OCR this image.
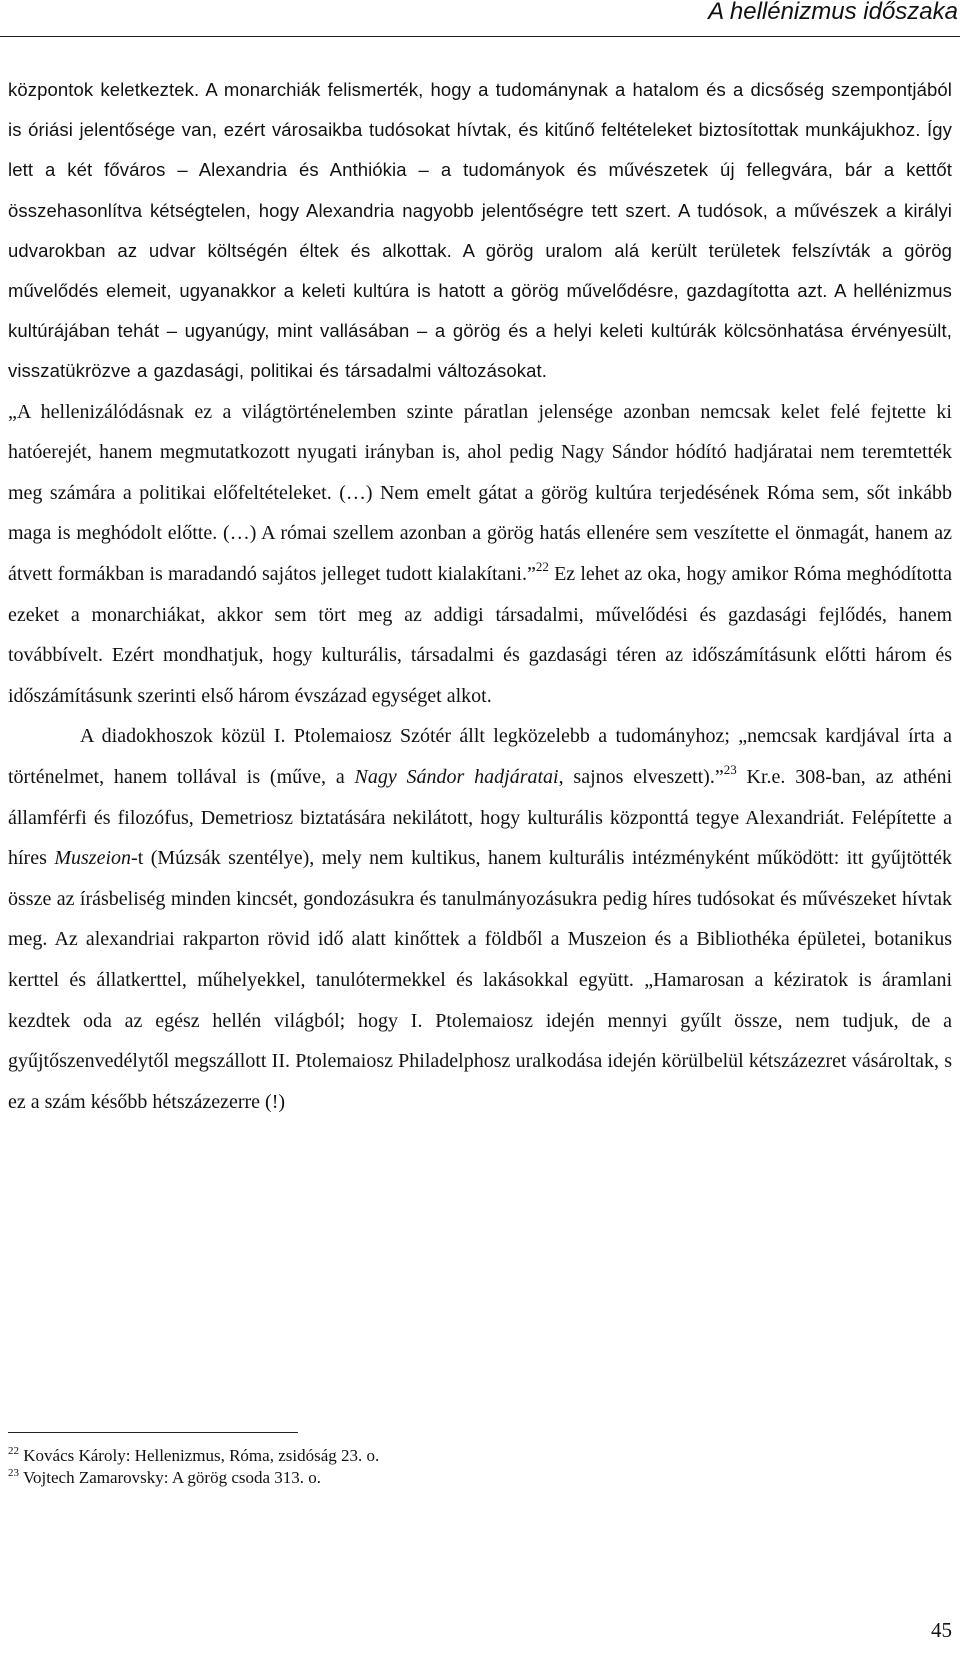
A hellénizmus időszaka

központok keletkeztek. A monarchiák felismerték, hogy a tudománynak a hatalom és a dicsőség szempontjából is óriási jelentősége van, ezért városaikba tudósokat hívtak, és kitűnő feltételeket biztosítottak munkájukhoz. Így lett a két főváros – Alexandria és Anthiókia – a tudományok és művészetek új fellegvára, bár a kettőt összehasonlítva kétségtelen, hogy Alexandria nagyobb jelentőségre tett szert. A tudósok, a művészek a királyi udvarokban az udvar költségén éltek és alkottak. A görög uralom alá került területek felszívták a görög művelődés elemeit, ugyanakkor a keleti kultúra is hatott a görög művelődésre, gazdagította azt. A hellénizmus kultúrájában tehát – ugyanúgy, mint vallásában – a görög és a helyi keleti kultúrák kölcsönhatása érvényesült, visszatükrözve a gazdasági, politikai és társadalmi változásokat.

„A hellenizálódásnak ez a világtörténelemben szinte páratlan jelensége azonban nemcsak kelet felé fejtette ki hatóerejét, hanem megmutatkozott nyugati irányban is, ahol pedig Nagy Sándor hódító hadjáratai nem teremtették meg számára a politikai előfeltételeket. (…) Nem emelt gátat a görög kultúra terjedésének Róma sem, sőt inkább maga is meghódolt előtte. (…) A római szellem azonban a görög hatás ellenére sem veszítette el önmagát, hanem az átvett formákban is maradandó sajátos jelleget tudott kialakítani.”$^{22}$ Ez lehet az oka, hogy amikor Róma meghódította ezeket a monarchiákat, akkor sem tört meg az addigi társadalmi, művelődési és gazdasági fejlődés, hanem továbbívelt. Ezért mondhatjuk, hogy kulturális, társadalmi és gazdasági téren az időszámításunk előtti három és időszámításunk szerinti első három évszázad egységet alkot.

A diadokhoszok közül I. Ptolemaiosz Szótér állt legközelebb a tudományhoz; „nemcsak kardjával írta a történelmet, hanem tollával is (műve, a Nagy Sándor hadjáratai, sajnos elveszett).”$^{23}$ Kr.e. 308-ban, az athéni államférfi és filozófus, Demetriosz biztatására nekilátott, hogy kulturális központtá tegye Alexandriát. Felépítette a híres Muszeion-t (Múzsák szentélye), mely nem kultikus, hanem kulturális intézményként működött: itt gyűjtötték össze az írásbeliség minden kincsét, gondozásukra és tanulmányozásukra pedig híres tudósokat és művészeket hívtak meg. Az alexandriai rakparton rövid idő alatt kinőttek a földből a Muszeion és a Bibliothéka épületei, botanikus kerttel és állatkerttel, műhelyekkel, tanulótermekkel és lakásokkal együtt. „Hamarosan a kéziratok is áramlani kezdtek oda az egész hellén világból; hogy I. Ptolemaiosz idején mennyi gyűlt össze, nem tudjuk, de a gyűjtőszenvedélytől megszállott II. Ptolemaiosz Philadelphosz uralkodása idején körülbelül kétszázezret vásároltak, s ez a szám később hétszázezerre (!)

$^{22}$ Kovács Károly: Hellenizmus, Róma, zsidóság 23. o.
$^{23}$ Vojtech Zamarovsky: A görög csoda 313. o.
45
